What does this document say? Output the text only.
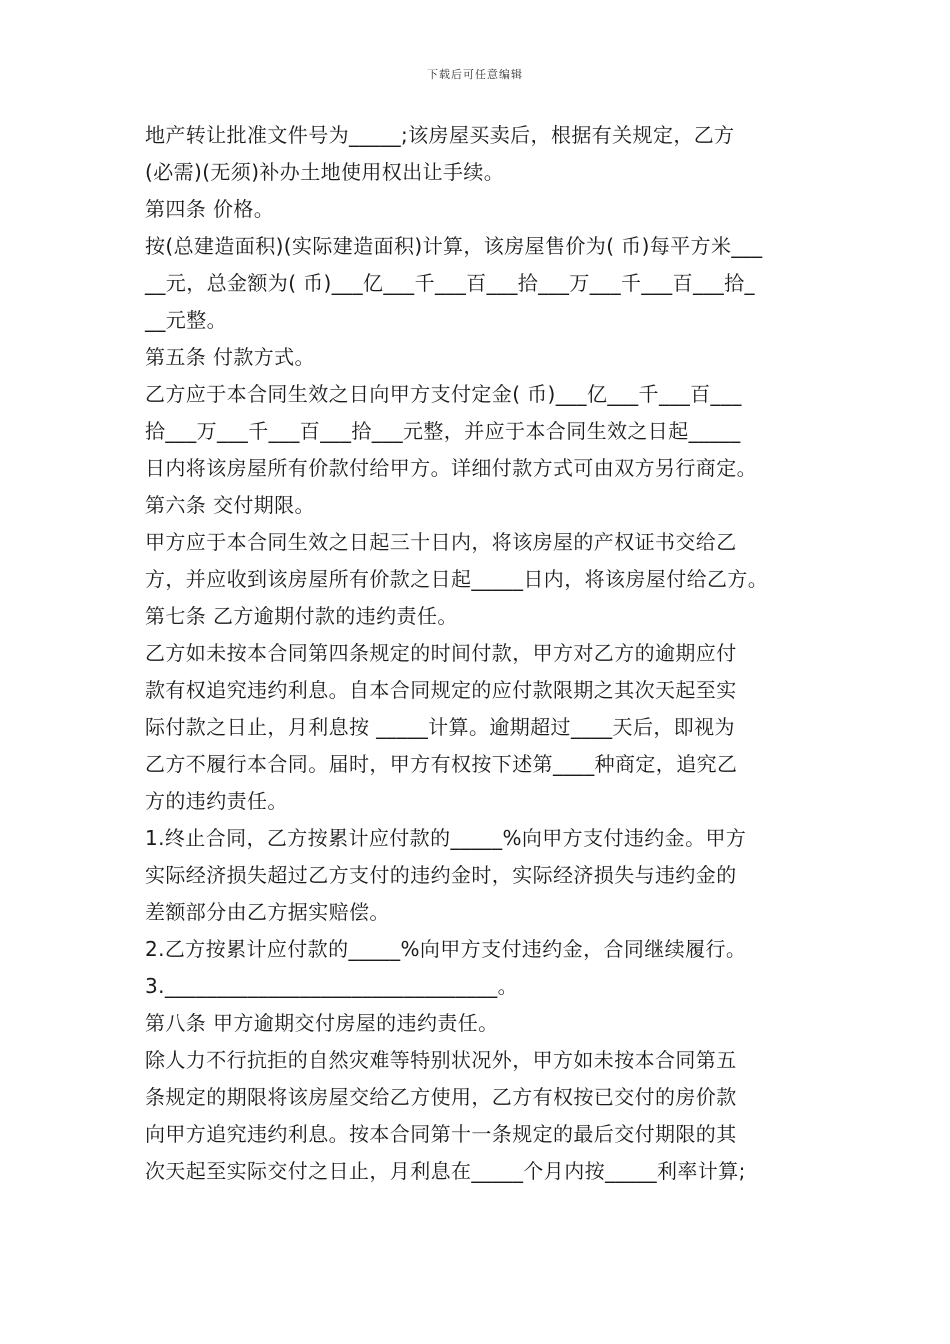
下载后可任意编辑
地产转让批准文件号为_____;该房屋买卖后，根据有关规定，乙方
(必需)(无须)补办土地使用权出让手续。
第四条 价格。
按(总建造面积)(实际建造面积)计算，该房屋售价为( 币)每平方米___
__元，总金额为( 币)___亿___千___百___拾___万___千___百___拾_
__元整。
第五条 付款方式。
乙方应于本合同生效之日向甲方支付定金( 币)___亿___千___百___
拾___万___千___百___拾___元整，并应于本合同生效之日起_____
日内将该房屋所有价款付给甲方。详细付款方式可由双方另行商定。
第六条 交付期限。
甲方应于本合同生效之日起三十日内，将该房屋的产权证书交给乙
方，并应收到该房屋所有价款之日起_____日内，将该房屋付给乙方。
第七条 乙方逾期付款的违约责任。
乙方如未按本合同第四条规定的时间付款，甲方对乙方的逾期应付
款有权追究违约利息。自本合同规定的应付款限期之其次天起至实
际付款之日止，月利息按 _____计算。逾期超过____天后，即视为
乙方不履行本合同。届时，甲方有权按下述第____种商定，追究乙
方的违约责任。
1.终止合同，乙方按累计应付款的_____%向甲方支付违约金。甲方
实际经济损失超过乙方支付的违约金时，实际经济损失与违约金的
差额部分由乙方据实赔偿。
2.乙方按累计应付款的_____%向甲方支付违约金，合同继续履行。
3.________________________________。
第八条 甲方逾期交付房屋的违约责任。
除人力不行抗拒的自然灾难等特别状况外，甲方如未按本合同第五
条规定的期限将该房屋交给乙方使用，乙方有权按已交付的房价款
向甲方追究违约利息。按本合同第十一条规定的最后交付期限的其
次天起至实际交付之日止，月利息在_____个月内按_____利率计算;
